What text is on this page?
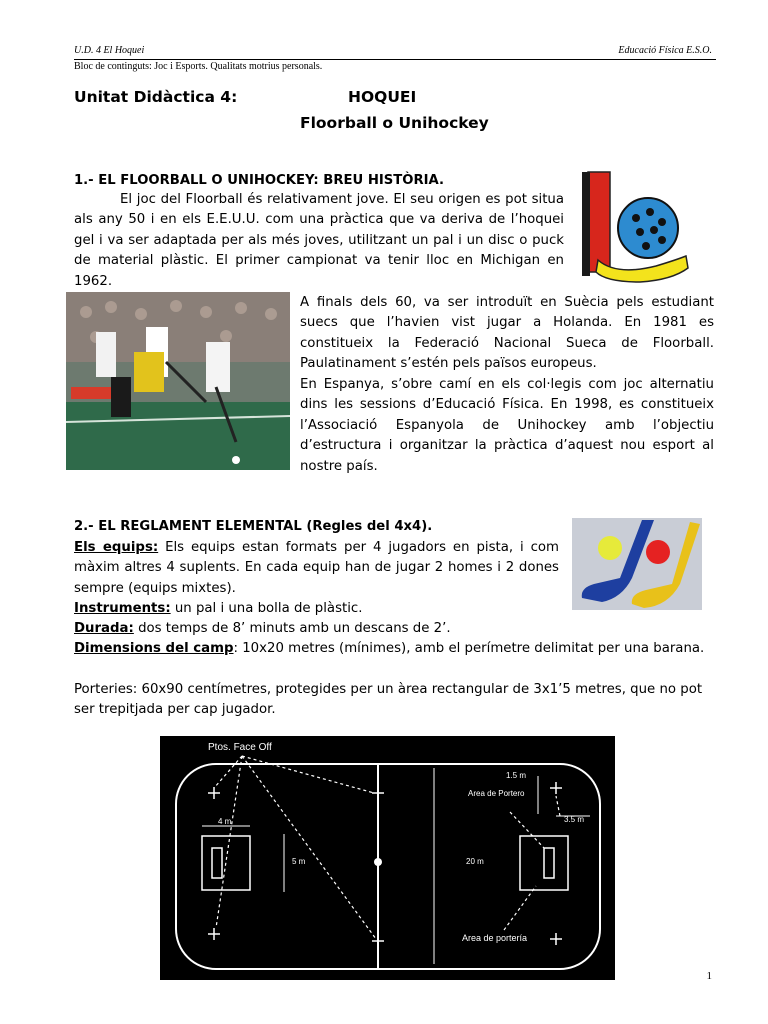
U.D. 4 El Hoquei	Educació Física E.S.O.
Bloc de continguts: Joc i Esports. Qualitats motrius personals.
Unitat Didàctica 4:	HOQUEI
Floorball o Unihockey
1.- EL FLOORBALL O UNIHOCKEY: BREU HISTÒRIA.

El joc del Floorball és relativament jove. El seu origen es pot situa als any 50 i en els E.E.U.U. com una pràctica que va deriva de l’hoquei gel i va ser adaptada per als més joves, utilitzant un pal i un disc o puck de material plàstic. El primer campionat va tenir lloc en Michigan en 1962.

A finals dels 60, va ser introduït en Suècia pels estudiant suecs que l’havien vist jugar a Holanda. En 1981 es constitueix la Federació Nacional Sueca de Floorball. Paulatinament s’estén pels països europeus.

En Espanya, s’obre camí en els col·legis com joc alternatiu dins les sessions d’Educació Física. En 1998, es constitueix l’Associació Espanyola de Unihockey amb l’objectiu d’estructura i organitzar la pràctica d’aquest nou esport al nostre país.

2.- EL REGLAMENT ELEMENTAL (Regles del 4x4).

Els equips: Els equips estan formats per 4 jugadors en pista, i com màxim altres 4 suplents. En cada equip han de jugar 2 homes i 2 dones sempre (equips mixtes).

Instruments: un pal i una bolla de plàstic.

Durada: dos temps de 8’ minuts amb un descans de 2’.

Dimensions del camp: 10x20 metres (mínimes), amb el perímetre delimitat per una barana.

Porteries: 60x90 centímetres, protegides per un àrea rectangular de 3x1’5 metres, que no pot ser trepitjada per cap jugador.

Ptos. Face Off
Area de Portero
Area de portería
1.5 m
3.5 m
4 m
5 m	20 m
1
